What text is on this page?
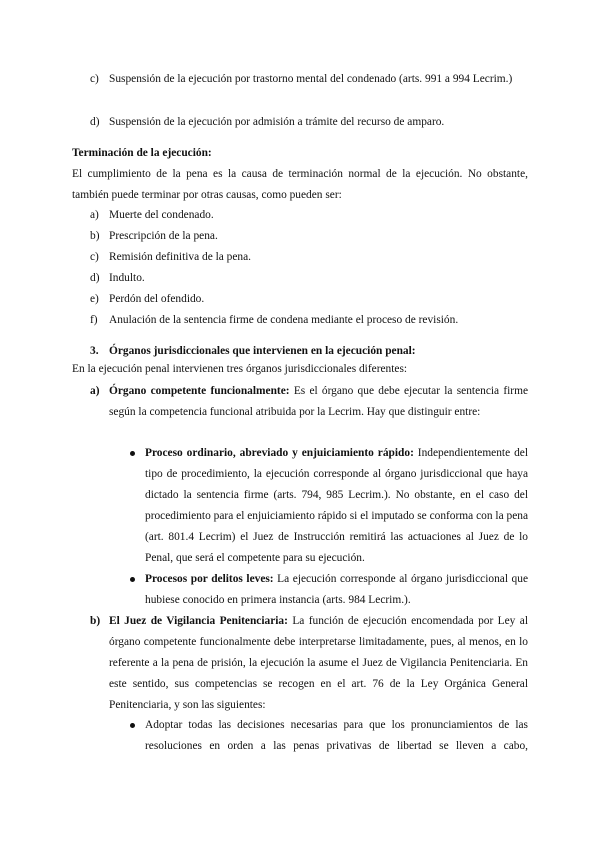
c) Suspensión de la ejecución por trastorno mental del condenado (arts. 991 a 994 Lecrim.)
d) Suspensión de la ejecución por admisión a trámite del recurso de amparo.
Terminación de la ejecución:
El cumplimiento de la pena es la causa de terminación normal de la ejecución. No obstante, también puede terminar por otras causas, como pueden ser:
a) Muerte del condenado.
b) Prescripción de la pena.
c) Remisión definitiva de la pena.
d) Indulto.
e) Perdón del ofendido.
f) Anulación de la sentencia firme de condena mediante el proceso de revisión.
3. Órganos jurisdiccionales que intervienen en la ejecución penal:
En la ejecución penal intervienen tres órganos jurisdiccionales diferentes:
a) Órgano competente funcionalmente: Es el órgano que debe ejecutar la sentencia firme según la competencia funcional atribuida por la Lecrim. Hay que distinguir entre:
Proceso ordinario, abreviado y enjuiciamiento rápido: Independientemente del tipo de procedimiento, la ejecución corresponde al órgano jurisdiccional que haya dictado la sentencia firme (arts. 794, 985 Lecrim.). No obstante, en el caso del procedimiento para el enjuiciamiento rápido si el imputado se conforma con la pena (art. 801.4 Lecrim) el Juez de Instrucción remitirá las actuaciones al Juez de lo Penal, que será el competente para su ejecución.
Procesos por delitos leves: La ejecución corresponde al órgano jurisdiccional que hubiese conocido en primera instancia (arts. 984 Lecrim.).
b) El Juez de Vigilancia Penitenciaria: La función de ejecución encomendada por Ley al órgano competente funcionalmente debe interpretarse limitadamente, pues, al menos, en lo referente a la pena de prisión, la ejecución la asume el Juez de Vigilancia Penitenciaria. En este sentido, sus competencias se recogen en el art. 76 de la Ley Orgánica General Penitenciaria, y son las siguientes:
Adoptar todas las decisiones necesarias para que los pronunciamientos de las resoluciones en orden a las penas privativas de libertad se lleven a cabo,
